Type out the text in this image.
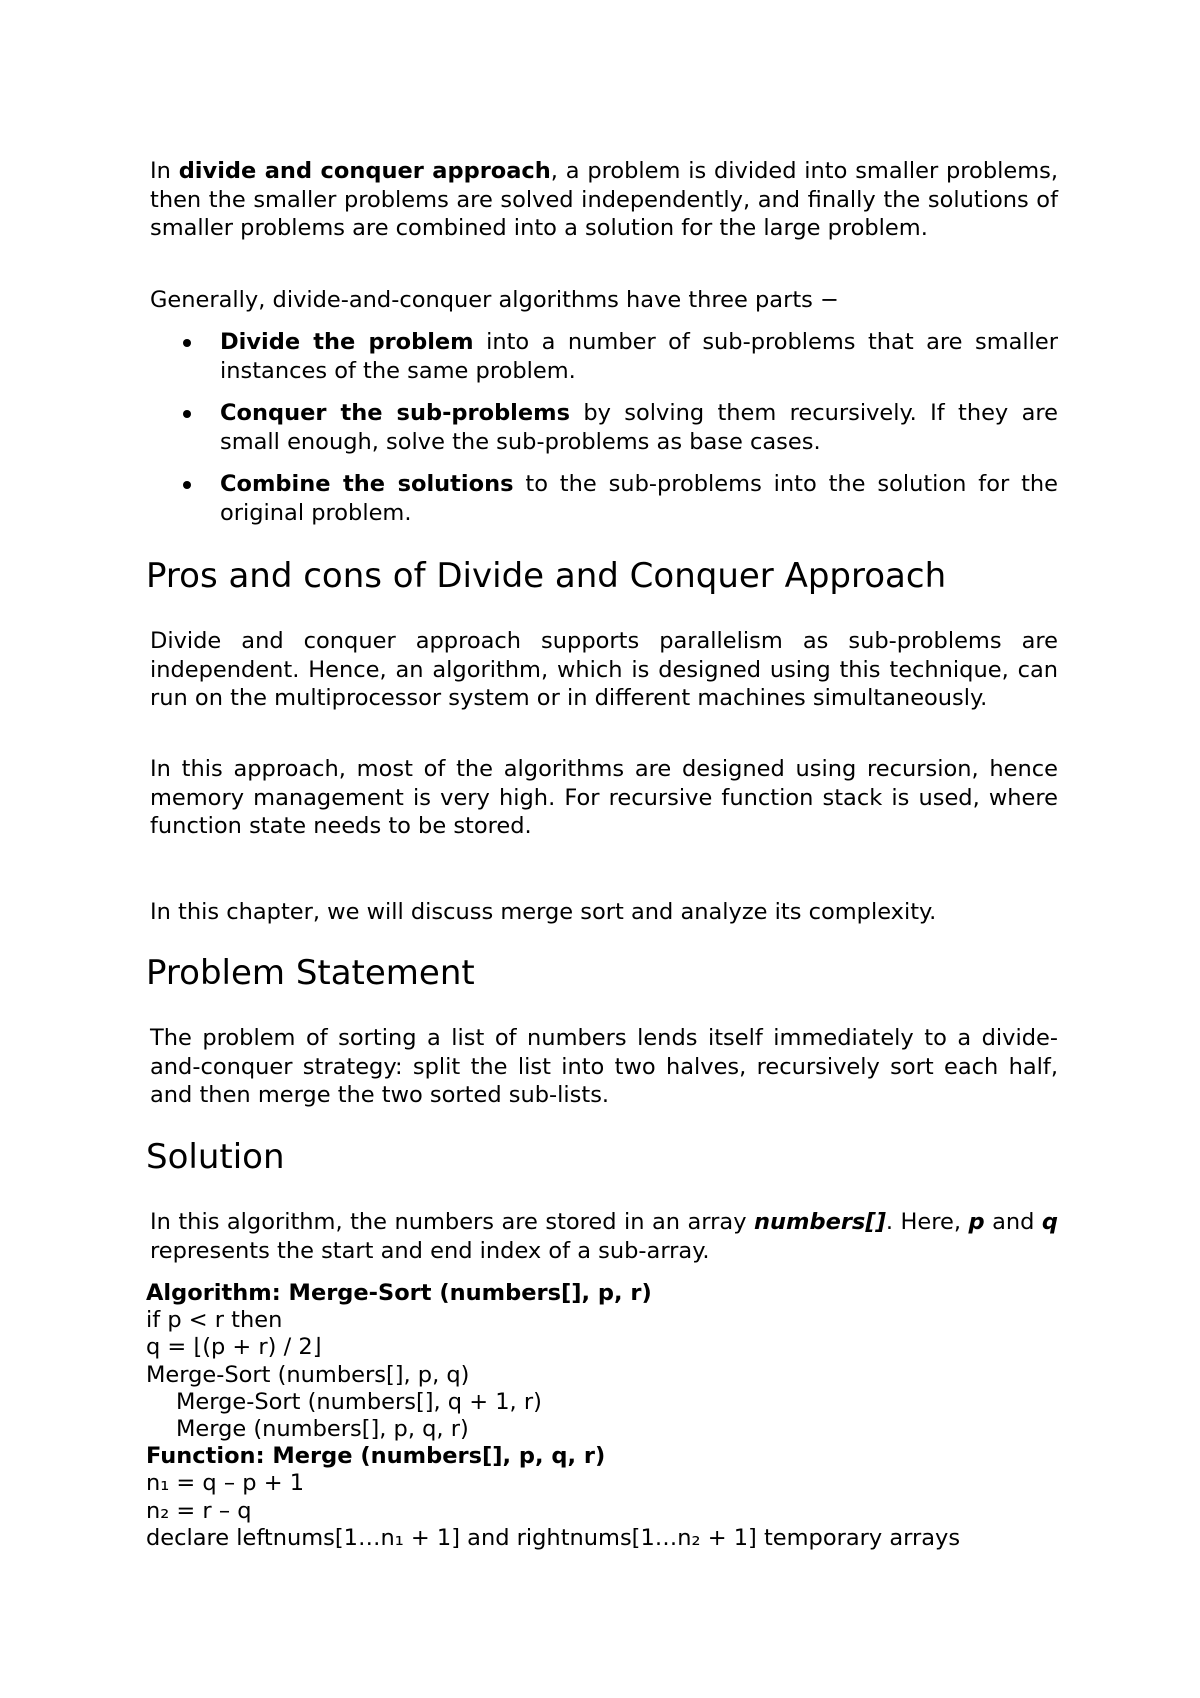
In divide and conquer approach, a problem is divided into smaller problems, then the smaller problems are solved independently, and finally the solutions of smaller problems are combined into a solution for the large problem.

Generally, divide-and-conquer algorithms have three parts −

Divide the problem into a number of sub-problems that are smaller instances of the same problem.
Conquer the sub-problems by solving them recursively. If they are small enough, solve the sub-problems as base cases.
Combine the solutions to the sub-problems into the solution for the original problem.
Pros and cons of Divide and Conquer Approach

Divide and conquer approach supports parallelism as sub-problems are independent. Hence, an algorithm, which is designed using this technique, can run on the multiprocessor system or in different machines simultaneously.

In this approach, most of the algorithms are designed using recursion, hence memory management is very high. For recursive function stack is used, where function state needs to be stored.

In this chapter, we will discuss merge sort and analyze its complexity.

Problem Statement

The problem of sorting a list of numbers lends itself immediately to a divide-and-conquer strategy: split the list into two halves, recursively sort each half, and then merge the two sorted sub-lists.

Solution

In this algorithm, the numbers are stored in an array numbers[]. Here, p and q represents the start and end index of a sub-array.

Algorithm: Merge-Sort (numbers[], p, r)
if p < r then
q = ⌊(p + r) / 2⌋
Merge-Sort (numbers[], p, q)
Merge-Sort (numbers[], q + 1, r)
Merge (numbers[], p, q, r)
Function: Merge (numbers[], p, q, r)
n₁ = q – p + 1
n₂ = r – q
declare leftnums[1…n₁ + 1] and rightnums[1…n₂ + 1] temporary arrays
